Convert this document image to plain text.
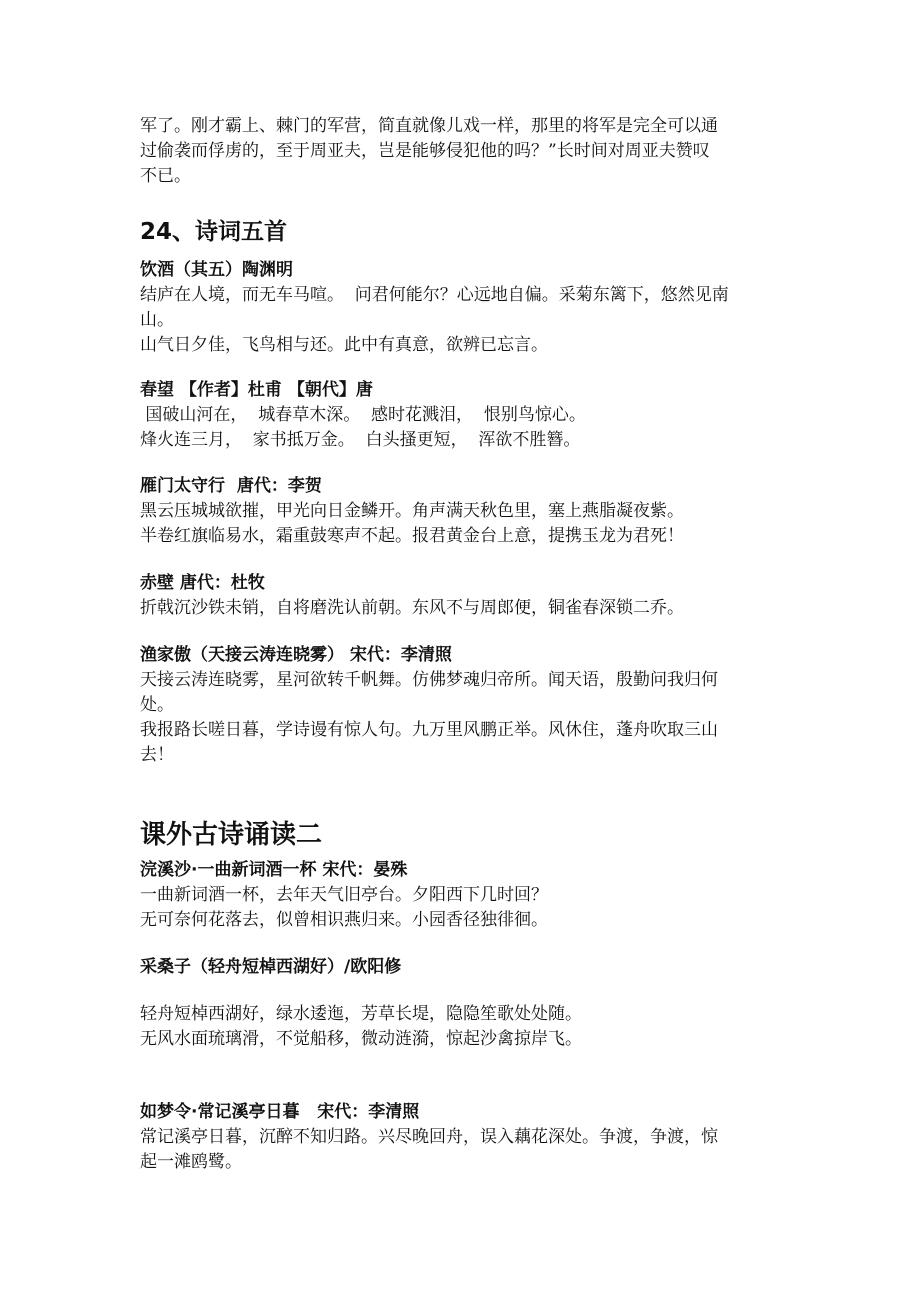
军了。刚才霸上、棘门的军营，简直就像儿戏一样，那里的将军是完全可以通

过偷袭而俘虏的，至于周亚夫，岂是能够侵犯他的吗？”长时间对周亚夫赞叹

不已。

24、诗词五首

饮酒（其五）陶渊明

结庐在人境，而无车马喧。  问君何能尔？心远地自偏。采菊东篱下，悠然见南

山。

山气日夕佳，飞鸟相与还。此中有真意，欲辨已忘言。

春望 【作者】杜甫 【朝代】唐

国破山河在，  城春草木深。  感时花溅泪，  恨别鸟惊心。

烽火连三月，  家书抵万金。  白头搔更短，  浑欲不胜簪。

雁门太守行  唐代：李贺

黑云压城城欲摧，甲光向日金鳞开。角声满天秋色里，塞上燕脂凝夜紫。

半卷红旗临易水，霜重鼓寒声不起。报君黄金台上意，提携玉龙为君死！

赤壁 唐代：杜牧

折戟沉沙铁未销，自将磨洗认前朝。东风不与周郎便，铜雀春深锁二乔。

渔家傲（天接云涛连晓雾） 宋代：李清照

天接云涛连晓雾，星河欲转千帆舞。仿佛梦魂归帝所。闻天语，殷勤问我归何

处。

我报路长嗟日暮，学诗谩有惊人句。九万里风鹏正举。风休住，蓬舟吹取三山

去！

课外古诗诵读二

浣溪沙·一曲新词酒一杯 宋代：晏殊

一曲新词酒一杯，去年天气旧亭台。夕阳西下几时回？

无可奈何花落去，似曾相识燕归来。小园香径独徘徊。

采桑子（轻舟短棹西湖好）/欧阳修

轻舟短棹西湖好，绿水逶迤，芳草长堤，隐隐笙歌处处随。

无风水面琉璃滑，不觉船移，微动涟漪，惊起沙禽掠岸飞。

如梦令·常记溪亭日暮   宋代：李清照

常记溪亭日暮，沉醉不知归路。兴尽晚回舟，误入藕花深处。争渡，争渡，惊

起一滩鸥鹭。
